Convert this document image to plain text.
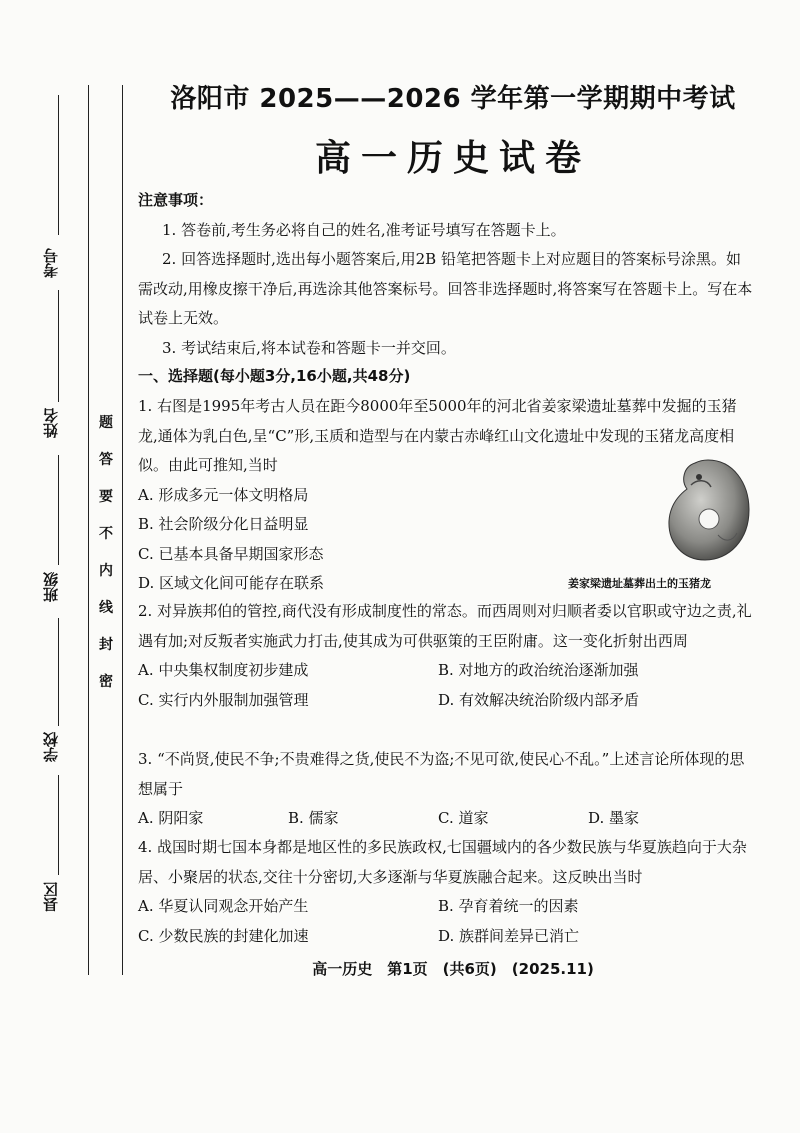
考号
姓名
班级
学校
县区
题
答
要
不
内
线
封
密
洛阳市 2025——2026 学年第一学期期中考试
高一历史试卷
注意事项：
1. 答卷前,考生务必将自己的姓名,准考证号填写在答题卡上。
2. 回答选择题时,选出每小题答案后,用2B 铅笔把答题卡上对应题目的答案标号涂黑。如需改动,用橡皮擦干净后,再选涂其他答案标号。回答非选择题时,将答案写在答题卡上。写在本试卷上无效。
3. 考试结束后,将本试卷和答题卡一并交回。
一、选择题(每小题3分,16小题,共48分)
1. 右图是1995年考古人员在距今8000年至5000年的河北省姜家梁遗址墓葬中发掘的玉猪龙,通体为乳白色,呈“C”形,玉质和造型与在内蒙古赤峰红山文化遗址中发现的玉猪龙高度相似。由此可推知,当时
A. 形成多元一体文明格局
B. 社会阶级分化日益明显
C. 已基本具备早期国家形态
D. 区域文化间可能存在联系	姜家梁遗址墓葬出土的玉猪龙
2. 对异族邦伯的管控,商代没有形成制度性的常态。而西周则对归顺者委以官职或守边之责,礼遇有加;对反叛者实施武力打击,使其成为可供驱策的王臣附庸。这一变化折射出西周
A. 中央集权制度初步建成	B. 对地方的政治统治逐渐加强
C. 实行内外服制加强管理	D. 有效解决统治阶级内部矛盾
3. “不尚贤,使民不争;不贵难得之货,使民不为盗;不见可欲,使民心不乱。”上述言论所体现的思想属于
A. 阴阳家	B. 儒家	C. 道家	D. 墨家
4. 战国时期七国本身都是地区性的多民族政权,七国疆域内的各少数民族与华夏族趋向于大杂居、小聚居的状态,交往十分密切,大多逐渐与华夏族融合起来。这反映出当时
A. 华夏认同观念开始产生	B. 孕育着统一的因素
C. 少数民族的封建化加速	D. 族群间差异已消亡
高一历史　第1页　(共6页)　(2025.11)
